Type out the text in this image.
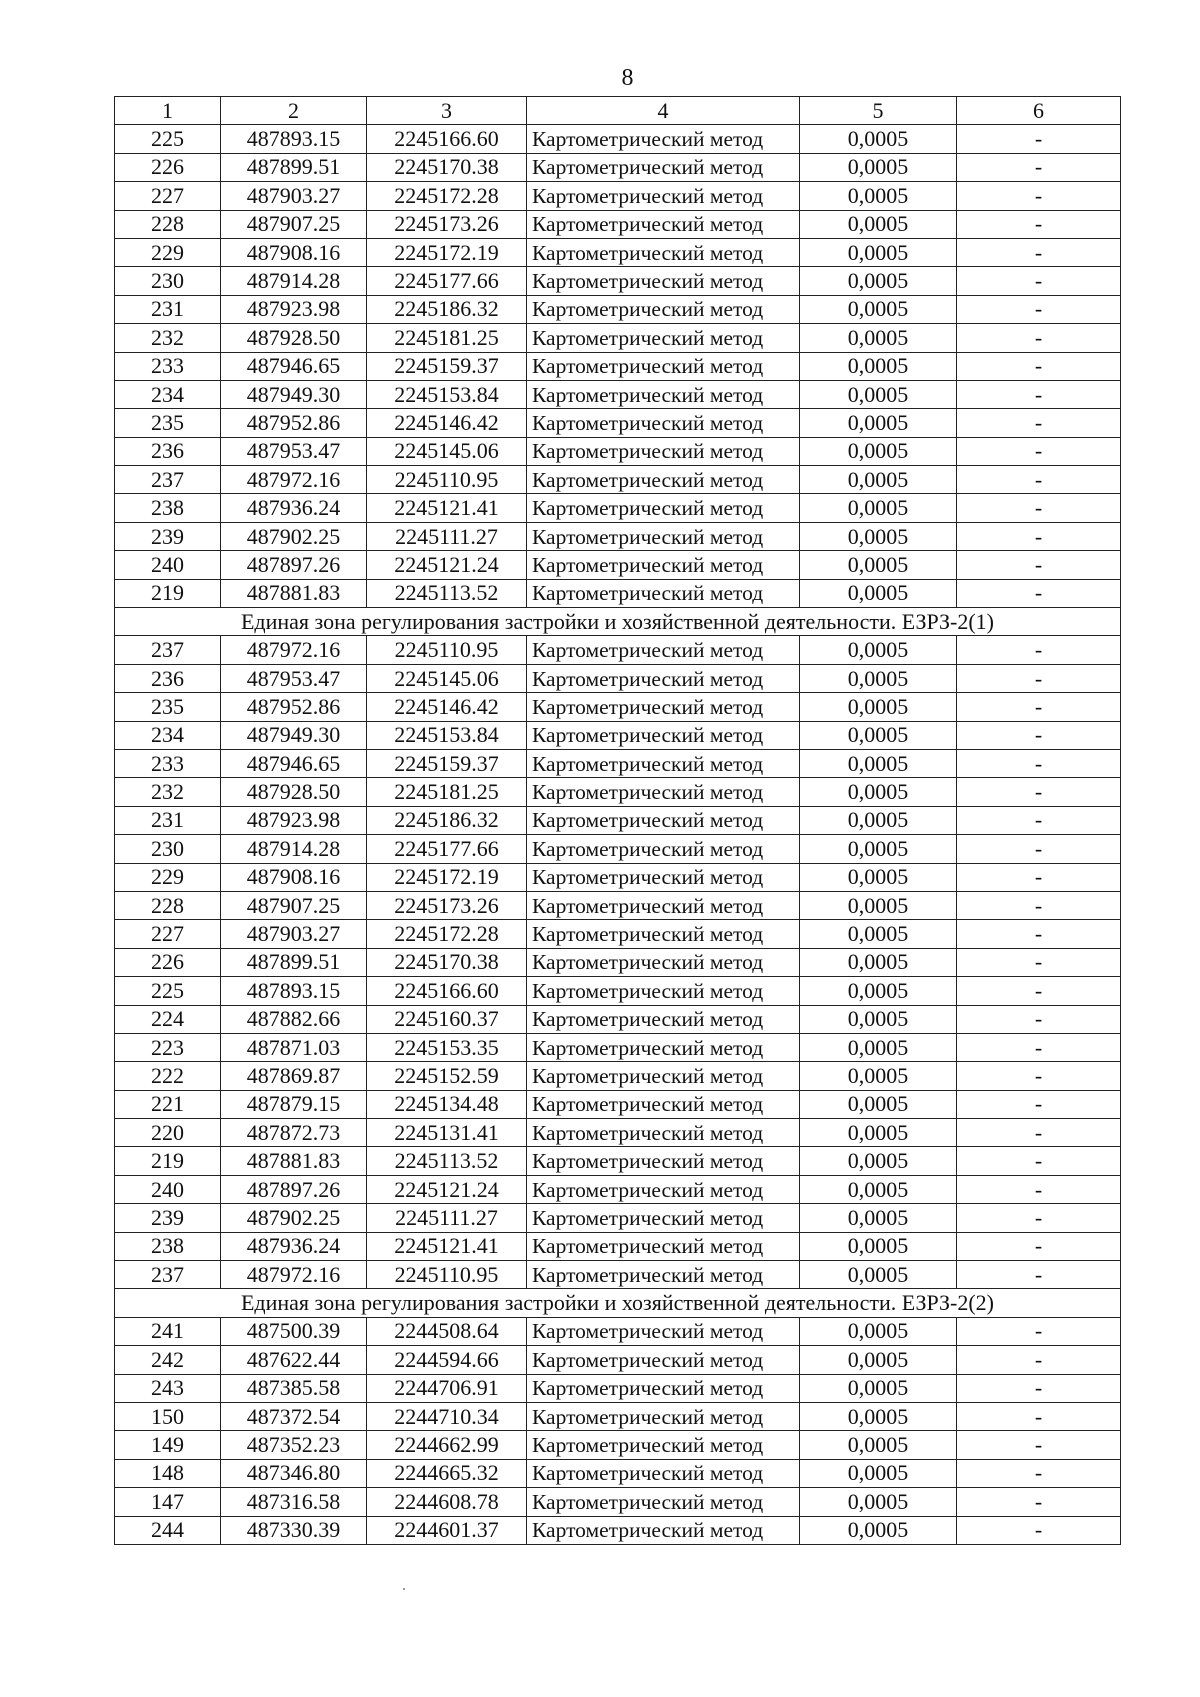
8
1	2	3	4	5	6
225	487893.15	2245166.60	Картометрический метод	0,0005	-
226	487899.51	2245170.38	Картометрический метод	0,0005	-
227	487903.27	2245172.28	Картометрический метод	0,0005	-
228	487907.25	2245173.26	Картометрический метод	0,0005	-
229	487908.16	2245172.19	Картометрический метод	0,0005	-
230	487914.28	2245177.66	Картометрический метод	0,0005	-
231	487923.98	2245186.32	Картометрический метод	0,0005	-
232	487928.50	2245181.25	Картометрический метод	0,0005	-
233	487946.65	2245159.37	Картометрический метод	0,0005	-
234	487949.30	2245153.84	Картометрический метод	0,0005	-
235	487952.86	2245146.42	Картометрический метод	0,0005	-
236	487953.47	2245145.06	Картометрический метод	0,0005	-
237	487972.16	2245110.95	Картометрический метод	0,0005	-
238	487936.24	2245121.41	Картометрический метод	0,0005	-
239	487902.25	2245111.27	Картометрический метод	0,0005	-
240	487897.26	2245121.24	Картометрический метод	0,0005	-
219	487881.83	2245113.52	Картометрический метод	0,0005	-
Единая зона регулирования застройки и хозяйственной деятельности. ЕЗРЗ-2(1)					
237	487972.16	2245110.95	Картометрический метод	0,0005	-
236	487953.47	2245145.06	Картометрический метод	0,0005	-
235	487952.86	2245146.42	Картометрический метод	0,0005	-
234	487949.30	2245153.84	Картометрический метод	0,0005	-
233	487946.65	2245159.37	Картометрический метод	0,0005	-
232	487928.50	2245181.25	Картометрический метод	0,0005	-
231	487923.98	2245186.32	Картометрический метод	0,0005	-
230	487914.28	2245177.66	Картометрический метод	0,0005	-
229	487908.16	2245172.19	Картометрический метод	0,0005	-
228	487907.25	2245173.26	Картометрический метод	0,0005	-
227	487903.27	2245172.28	Картометрический метод	0,0005	-
226	487899.51	2245170.38	Картометрический метод	0,0005	-
225	487893.15	2245166.60	Картометрический метод	0,0005	-
224	487882.66	2245160.37	Картометрический метод	0,0005	-
223	487871.03	2245153.35	Картометрический метод	0,0005	-
222	487869.87	2245152.59	Картометрический метод	0,0005	-
221	487879.15	2245134.48	Картометрический метод	0,0005	-
220	487872.73	2245131.41	Картометрический метод	0,0005	-
219	487881.83	2245113.52	Картометрический метод	0,0005	-
240	487897.26	2245121.24	Картометрический метод	0,0005	-
239	487902.25	2245111.27	Картометрический метод	0,0005	-
238	487936.24	2245121.41	Картометрический метод	0,0005	-
237	487972.16	2245110.95	Картометрический метод	0,0005	-
Единая зона регулирования застройки и хозяйственной деятельности. ЕЗРЗ-2(2)					
241	487500.39	2244508.64	Картометрический метод	0,0005	-
242	487622.44	2244594.66	Картометрический метод	0,0005	-
243	487385.58	2244706.91	Картометрический метод	0,0005	-
150	487372.54	2244710.34	Картометрический метод	0,0005	-
149	487352.23	2244662.99	Картометрический метод	0,0005	-
148	487346.80	2244665.32	Картометрический метод	0,0005	-
147	487316.58	2244608.78	Картометрический метод	0,0005	-
244	487330.39	2244601.37	Картометрический метод	0,0005	-
